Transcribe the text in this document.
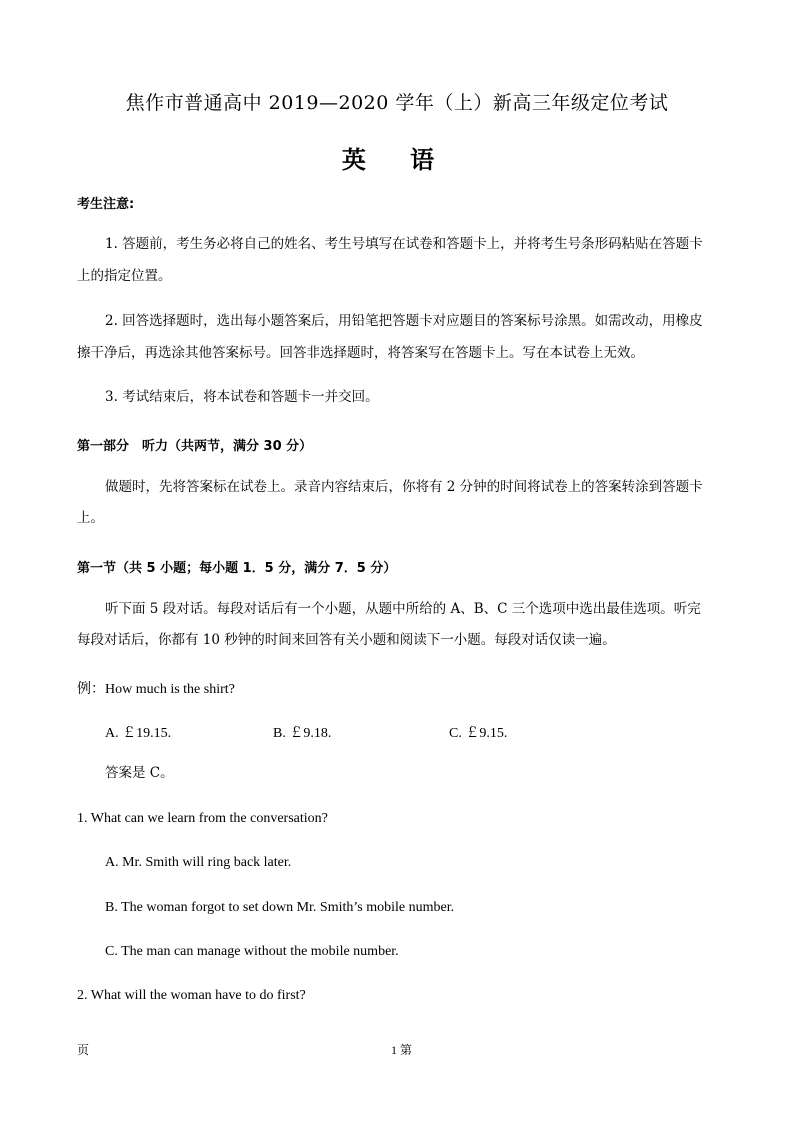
焦作市普通高中 2019—2020 学年（上）新高三年级定位考试
英 语
考生注意:
1. 答题前，考生务必将自己的姓名、考生号填写在试卷和答题卡上，并将考生号条形码粘贴在答题卡
上的指定位置。
2. 回答选择题时，选出每小题答案后，用铅笔把答题卡对应题目的答案标号涂黑。如需改动，用橡皮
擦干净后，再选涂其他答案标号。回答非选择题时，将答案写在答题卡上。写在本试卷上无效。
3. 考试结束后，将本试卷和答题卡一并交回。
第一部分　听力（共两节，满分 30 分）
做题时，先将答案标在试卷上。录音内容结束后，你将有 2 分钟的时间将试卷上的答案转涂到答题卡
上。
第一节（共 5 小题；每小题 1．5 分，满分 7．5 分）
听下面 5 段对话。每段对话后有一个小题，从题中所给的 A、B、C 三个选项中选出最佳选项。听完
每段对话后，你都有 10 秒钟的时间来回答有关小题和阅读下一小题。每段对话仅读一遍。
例：How much is the shirt?
A. ￡19.15.	B. ￡9.18.	C. ￡9.15.
答案是 C。
1. What can we learn from the conversation?
A. Mr. Smith will ring back later.
B. The woman forgot to set down Mr. Smith’s mobile number.
C. The man can manage without the mobile number.
2. What will the woman have to do first?
页	1 第
